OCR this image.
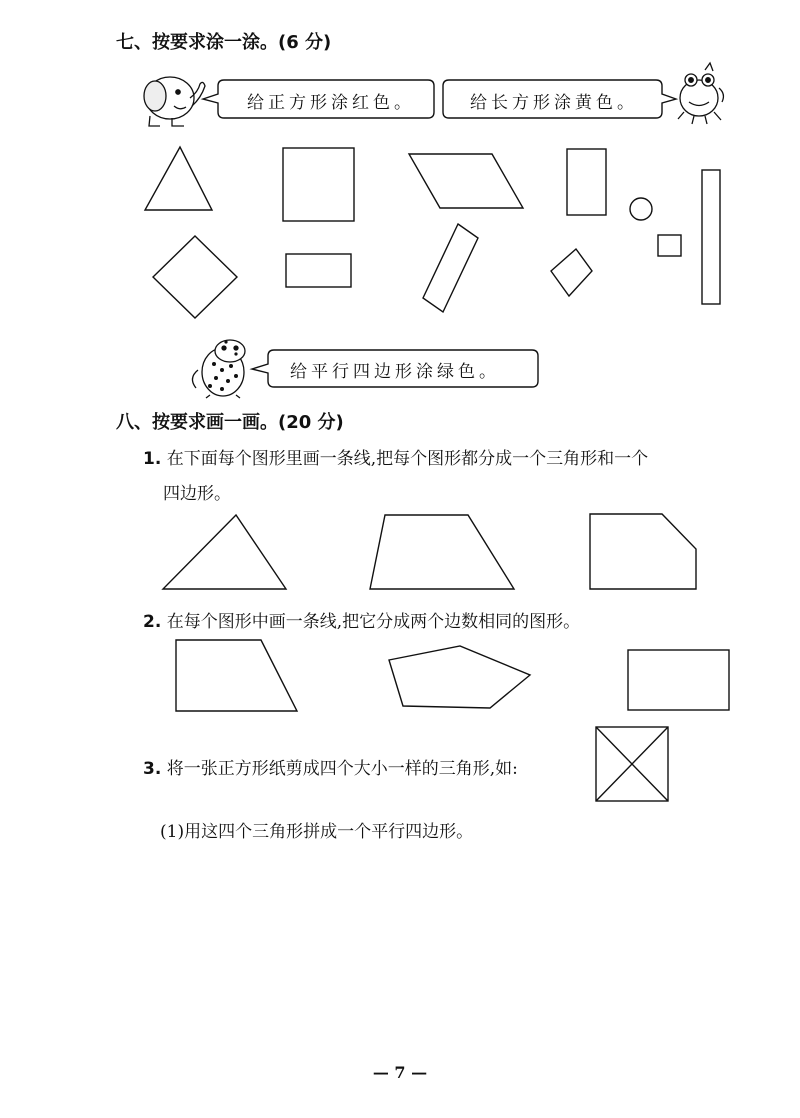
七、按要求涂一涂。(6 分)
给正方形涂红色。	给长方形涂黄色。
给平行四边形涂绿色。
八、按要求画一画。(20 分)
1. 在下面每个图形里画一条线,把每个图形都分成一个三角形和一个
四边形。
2. 在每个图形中画一条线,把它分成两个边数相同的图形。
3. 将一张正方形纸剪成四个大小一样的三角形,如:
(1)用这四个三角形拼成一个平行四边形。
— 7 —
